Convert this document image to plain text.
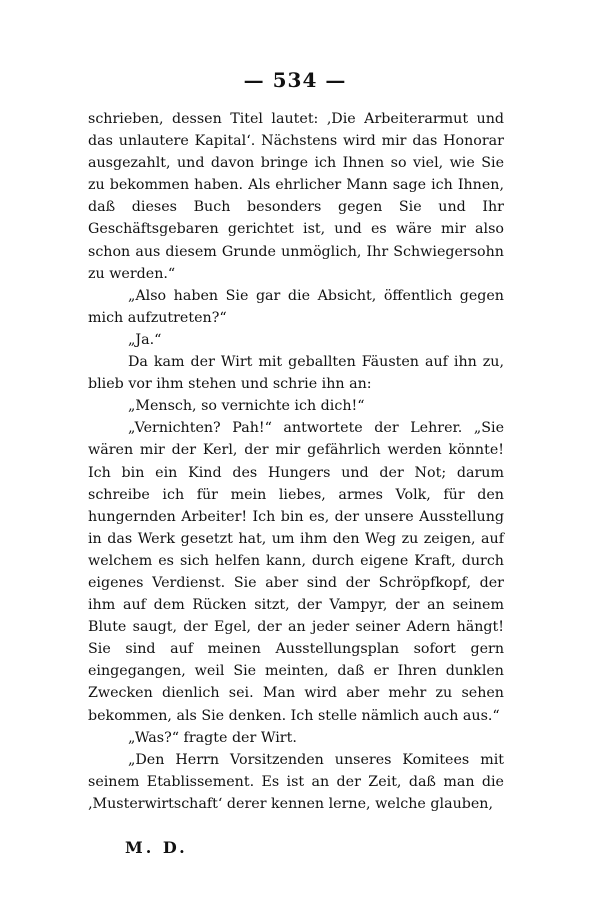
— 534 —

schrieben, dessen Titel lautet: ‚Die Arbeiterarmut und das unlautere Kapital‘. Nächstens wird mir das Honorar ausgezahlt, und davon bringe ich Ihnen so viel, wie Sie zu bekommen haben. Als ehrlicher Mann sage ich Ihnen, daß dieses Buch besonders gegen Sie und Ihr Geschäftsgebaren gerichtet ist, und es wäre mir also schon aus diesem Grunde unmöglich, Ihr Schwiegersohn zu werden.“

„Also haben Sie gar die Absicht, öffentlich gegen mich aufzutreten?“

„Ja.“

Da kam der Wirt mit geballten Fäusten auf ihn zu, blieb vor ihm stehen und schrie ihn an:

„Mensch, so vernichte ich dich!“

„Vernichten? Pah!“ antwortete der Lehrer. „Sie wären mir der Kerl, der mir gefährlich werden könnte! Ich bin ein Kind des Hungers und der Not; darum schreibe ich für mein liebes, armes Volk, für den hungernden Arbeiter! Ich bin es, der unsere Ausstellung in das Werk gesetzt hat, um ihm den Weg zu zeigen, auf welchem es sich helfen kann, durch eigene Kraft, durch eigenes Verdienst. Sie aber sind der Schröpfkopf, der ihm auf dem Rücken sitzt, der Vampyr, der an seinem Blute saugt, der Egel, der an jeder seiner Adern hängt! Sie sind auf meinen Ausstellungsplan sofort gern eingegangen, weil Sie meinten, daß er Ihren dunklen Zwecken dienlich sei. Man wird aber mehr zu sehen bekommen, als Sie denken. Ich stelle nämlich auch aus.“

„Was?“ fragte der Wirt.

„Den Herrn Vorsitzenden unseres Komitees mit seinem Etablissement. Es ist an der Zeit, daß man die ‚Musterwirtschaft‘ derer kennen lerne, welche glauben,

M. D.
